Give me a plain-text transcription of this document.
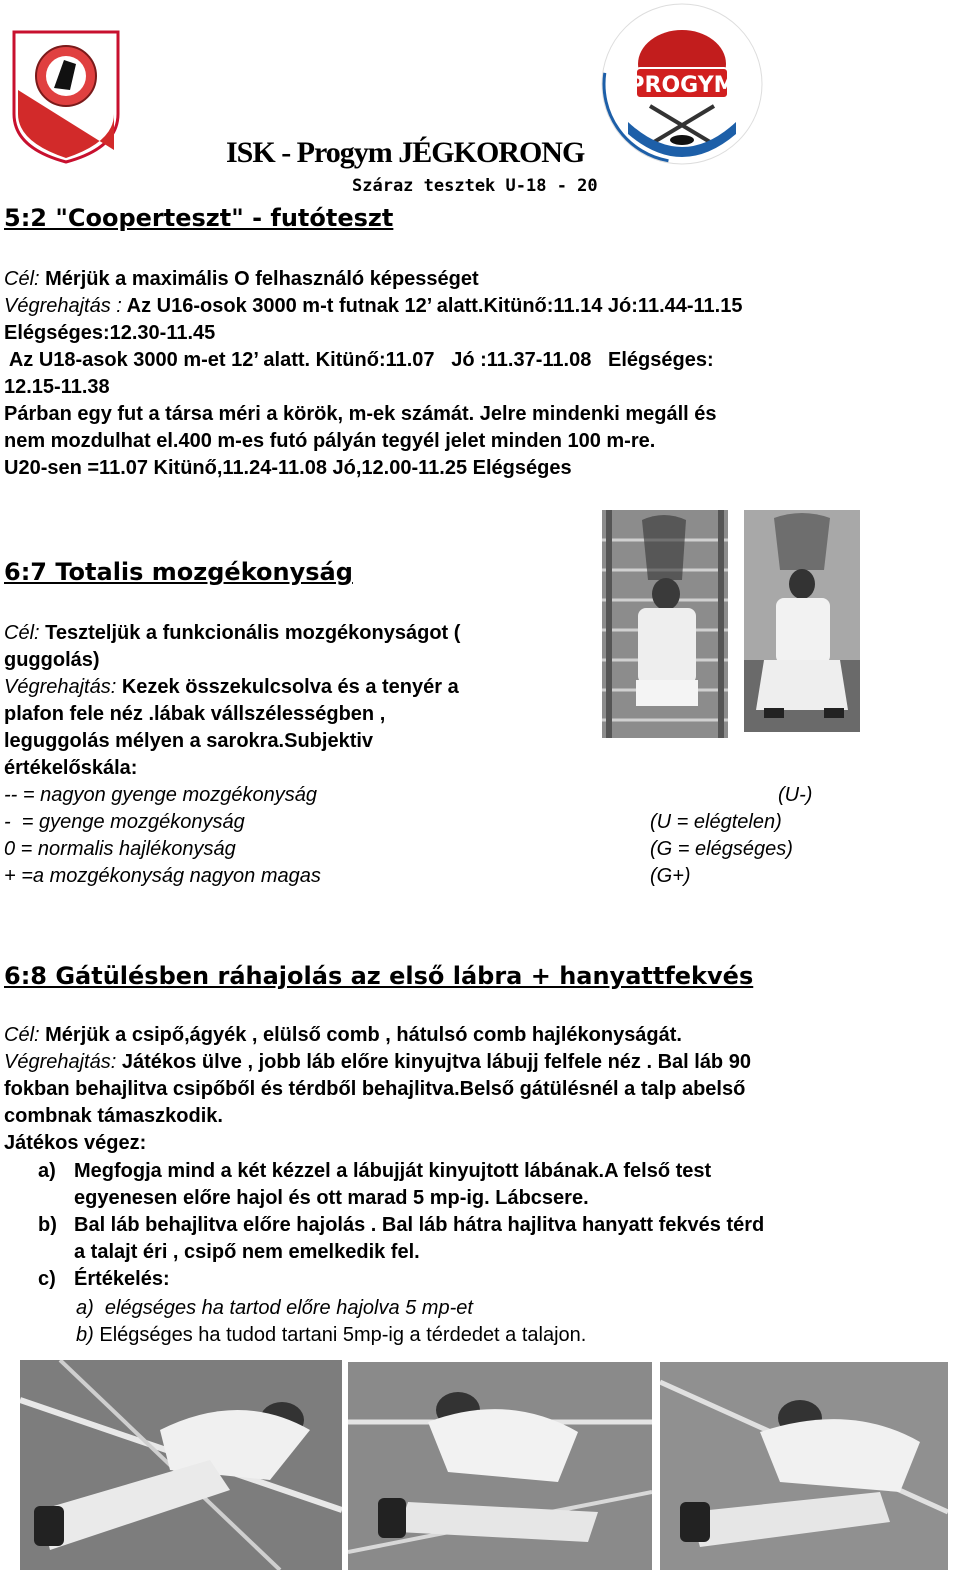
PROGYM
ISK - Progym JÉGKORONG
Száraz tesztek U-18 - 20
5:2 "Cooperteszt" - futóteszt
Cél: Mérjük a maximális O felhasználó képességet
Végrehajtás : Az U16-osok 3000 m-t futnak 12’ alatt.Kitünő:11.14 Jó:11.44-11.15
Elégséges:12.30-11.45
Az U18-asok 3000 m-et 12’ alatt. Kitünő:11.07   Jó :11.37-11.08   Elégséges:
12.15-11.38
Párban egy fut a társa méri a körök, m-ek számát. Jelre mindenki megáll és
nem mozdulhat el.400 m-es futó pályán tegyél jelet minden 100 m-re.
U20-sen =11.07 Kitünő,11.24-11.08 Jó,12.00-11.25 Elégséges
6:7 Totalis mozgékonyság
Cél: Teszteljük a funkcionális mozgékonyságot (
guggolás)
Végrehajtás: Kezek összekulcsolva és a tenyér a
plafon fele néz .lábak vállszélességben ,
leguggolás mélyen a sarokra.Subjektiv
értékelőskála:
-- = nagyon gyenge mozgékonyság	(U-)
-  = gyenge mozgékonyság	(U = elégtelen)
0 = normalis hajlékonyság	(G = elégséges)
+ =a mozgékonyság nagyon magas	(G+)
6:8 Gátülésben ráhajolás az első lábra + hanyattfekvés
Cél: Mérjük a csipő,ágyék , elülső comb , hátulsó comb hajlékonyságát.
Végrehajtás: Játékos ülve , jobb láb előre kinyujtva lábujj felfele néz . Bal láb 90
fokban behajlitva csipőből és térdből behajlitva.Belső gátülésnél a talp abelső
combnak támaszkodik.
Játékos végez:
a) Megfogja mind a két kézzel a lábujját kinyujtott lábának.A felső test
egyenesen előre hajol és ott marad 5 mp-ig. Lábcsere.
b) Bal láb behajlitva előre hajolás . Bal láb hátra hajlitva hanyatt fekvés térd
a talajt éri , csipő nem emelkedik fel.
c) Értékelés:
a) elégséges ha tartod előre hajolva 5 mp-et
b) Elégséges ha tudod tartani 5mp-ig a térdedet a talajon.
